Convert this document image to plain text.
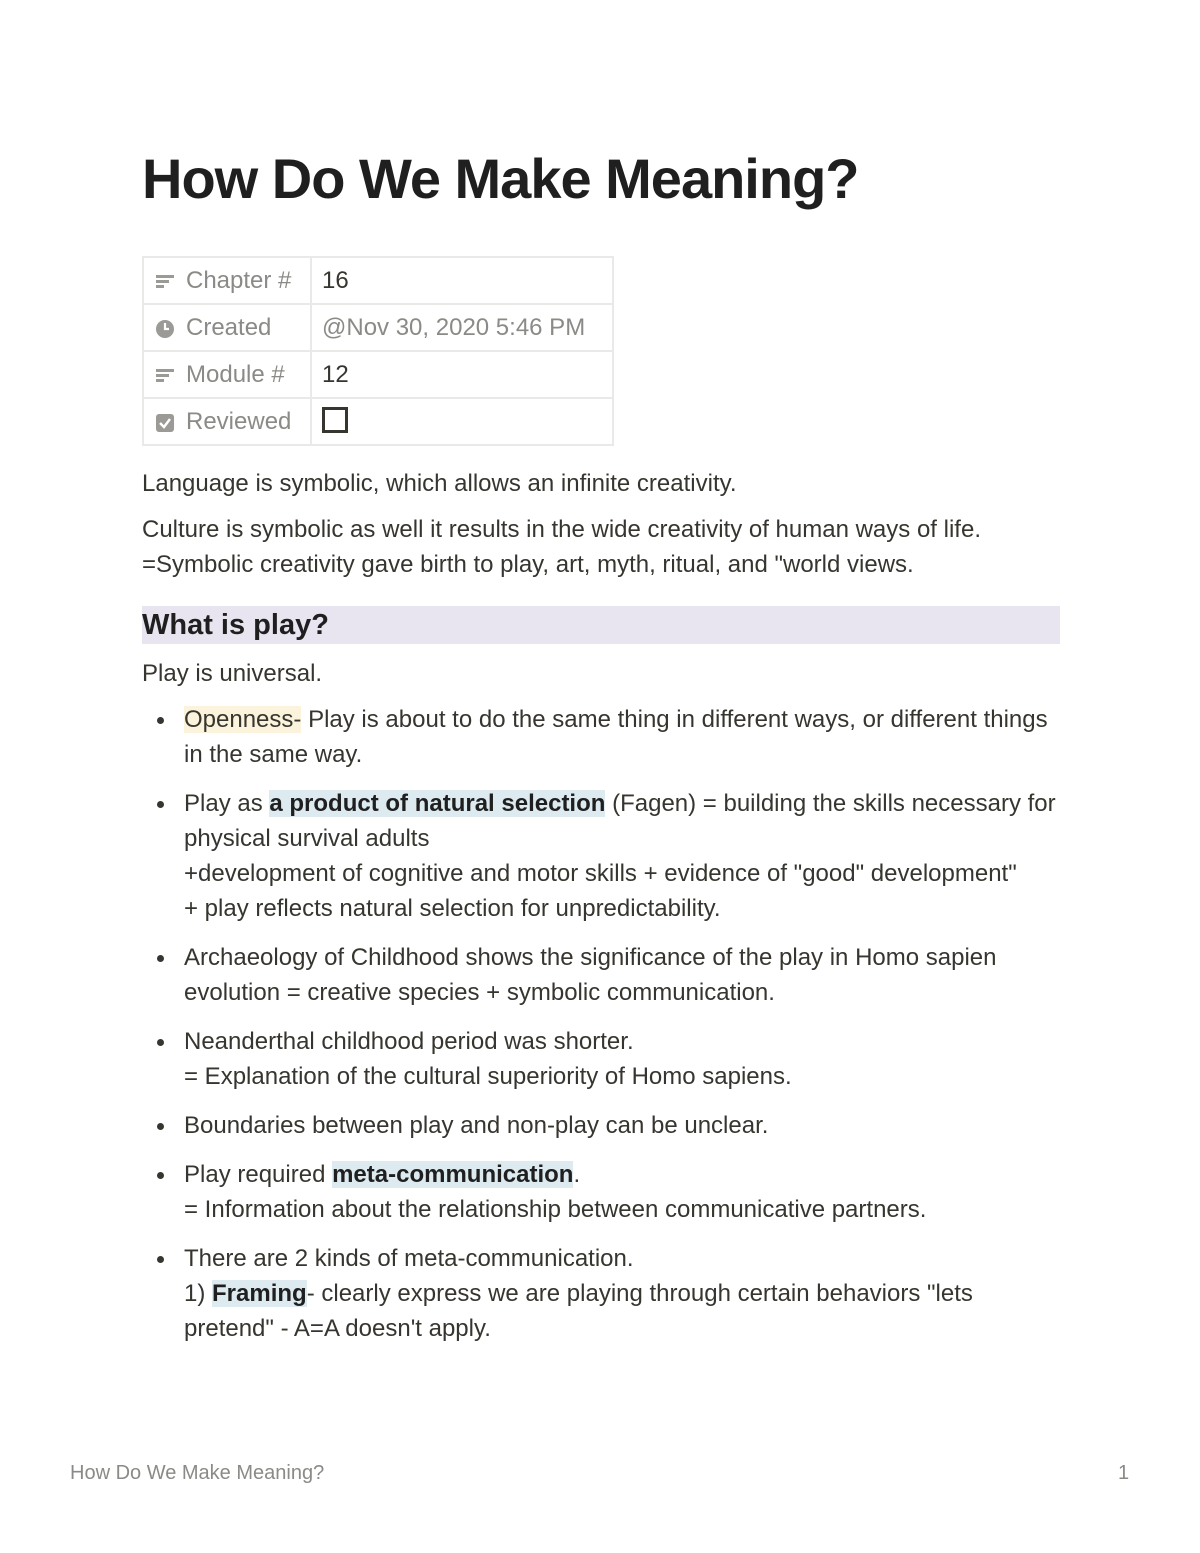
How Do We Make Meaning?
Chapter #	16
Created	@Nov 30, 2020 5:46 PM
Module #	12
Reviewed	

Language is symbolic, which allows an infinite creativity.

Culture is symbolic as well it results in the wide creativity of human ways of life.
=Symbolic creativity gave birth to play, art, myth, ritual, and "world views.

What is play?

Play is universal.

Openness- Play is about to do the same thing in different ways, or different things in the same way.
Play as a product of natural selection (Fagen) = building the skills necessary for physical survival adults
+development of cognitive and motor skills + evidence of "good" development"
+ play reflects natural selection for unpredictability.
Archaeology of Childhood shows the significance of the play in Homo sapien evolution = creative species + symbolic communication.
Neanderthal childhood period was shorter.
= Explanation of the cultural superiority of Homo sapiens.
Boundaries between play and non-play can be unclear.
Play required meta-communication.
= Information about the relationship between communicative partners.
There are 2 kinds of meta-communication.
1) Framing- clearly express we are playing through certain behaviors "lets pretend" - A=A doesn't apply.
How Do We Make Meaning?	1
